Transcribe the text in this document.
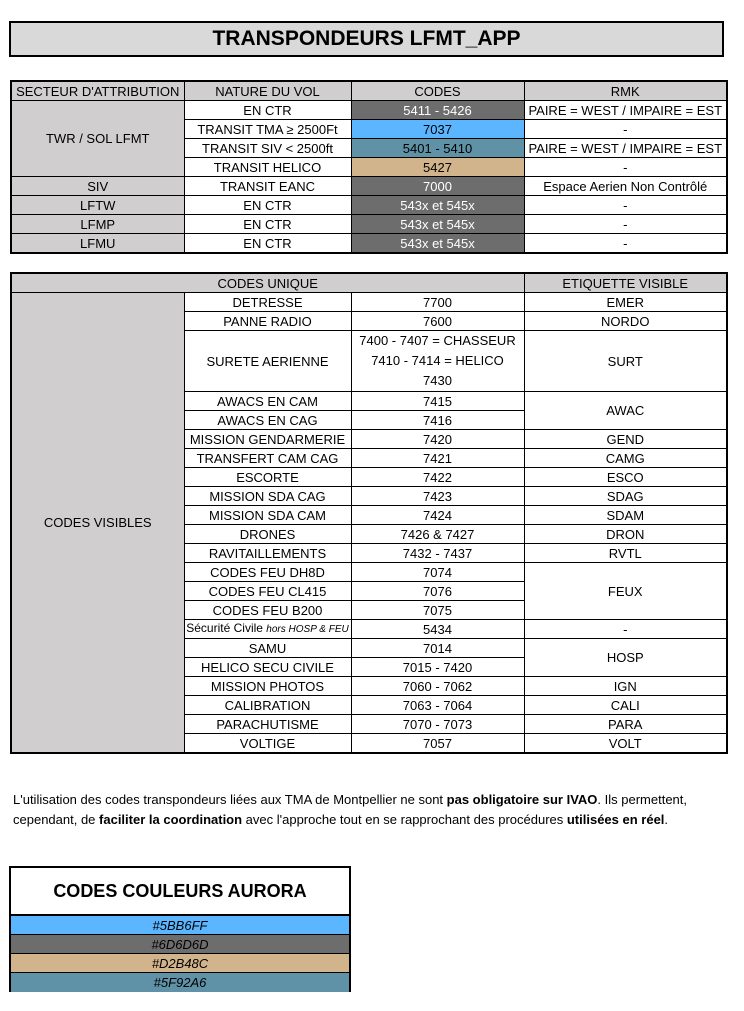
TRANSPONDEURS LFMT_APP
SECTEUR D'ATTRIBUTION	NATURE DU VOL	CODES	RMK
TWR / SOL LFMT	EN CTR	5411 - 5426	PAIRE = WEST / IMPAIRE = EST
	TRANSIT TMA ≥ 2500Ft	7037	-
	TRANSIT SIV < 2500ft	5401 - 5410	PAIRE = WEST / IMPAIRE = EST
	TRANSIT HELICO	5427	-
SIV	TRANSIT EANC	7000	Espace Aerien Non Contrôlé
LFTW	EN CTR	543x et 545x	-
LFMP	EN CTR	543x et 545x	-
LFMU	EN CTR	543x et 545x	-
CODES UNIQUE			ETIQUETTE VISIBLE
CODES VISIBLES	DETRESSE	7700	EMER
	PANNE RADIO	7600	NORDO
	SURETE AERIENNE	7400 - 7407 = CHASSEUR
7410 - 7414 = HELICO
7430	SURT
	AWACS EN CAM	7415	AWAC
	AWACS EN CAG	7416	
	MISSION GENDARMERIE	7420	GEND
	TRANSFERT CAM CAG	7421	CAMG
	ESCORTE	7422	ESCO
	MISSION SDA CAG	7423	SDAG
	MISSION SDA CAM	7424	SDAM
	DRONES	7426 & 7427	DRON
	RAVITAILLEMENTS	7432 - 7437	RVTL
	CODES FEU DH8D	7074	FEUX
	CODES FEU CL415	7076	
	CODES FEU B200	7075	
	Sécurité Civile hors HOSP & FEU	5434	-
	SAMU	7014	HOSP
	HELICO SECU CIVILE	7015 - 7420	
	MISSION PHOTOS	7060 - 7062	IGN
	CALIBRATION	7063 - 7064	CALI
	PARACHUTISME	7070 - 7073	PARA
	VOLTIGE	7057	VOLT
L'utilisation des codes transpondeurs liées aux TMA de Montpellier ne sont pas obligatoire sur IVAO. Ils permettent, cependant, de faciliter la coordination avec l'approche tout en se rapprochant des procédures utilisées en réel.
CODES COULEURS AURORA
#5BB6FF
#6D6D6D
#D2B48C
#5F92A6
